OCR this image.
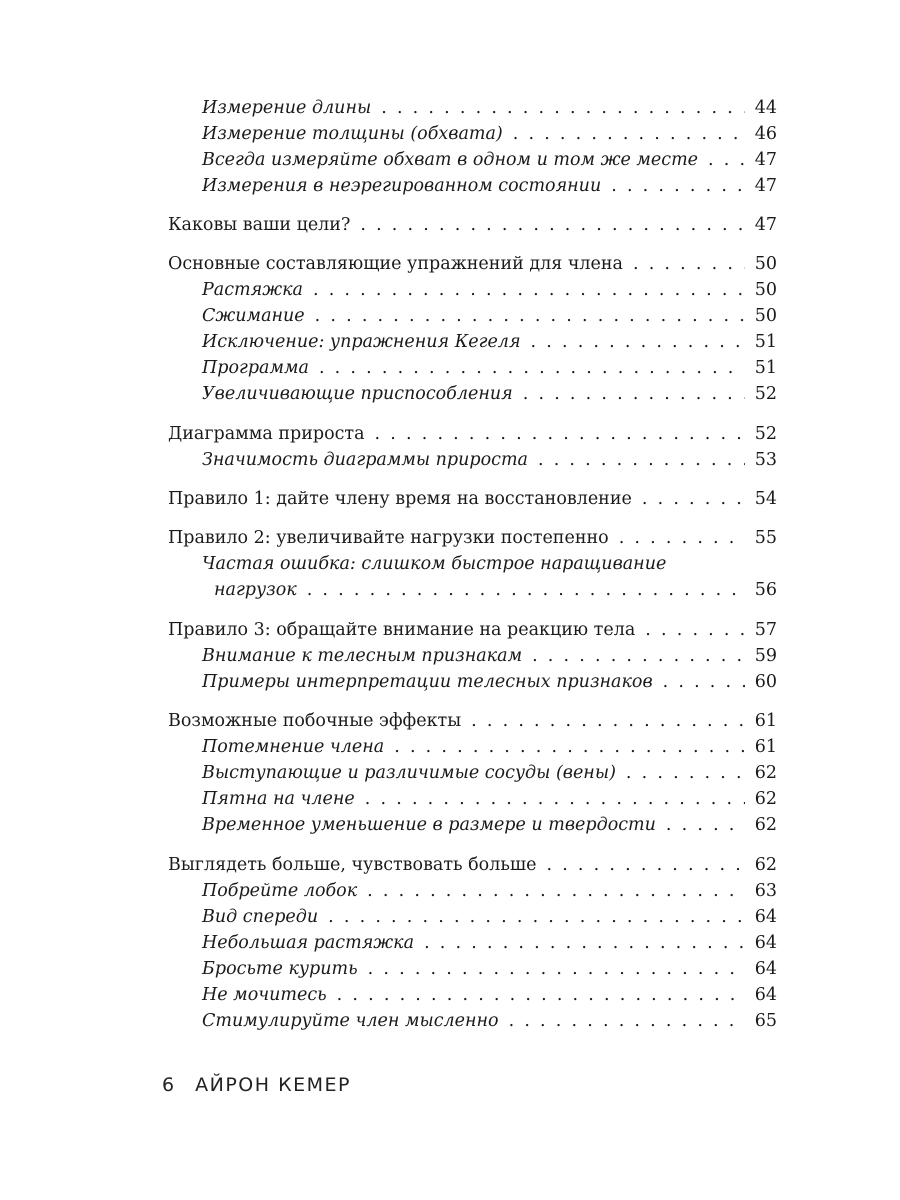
Измерение длины . . .	44
Измерение толщины (обхвата) . . .	46
Всегда измеряйте обхват в одном и том же месте . . .	47
Измерения в неэрегированном состоянии . . .	47
Каковы ваши цели? . . .	47
Основные составляющие упражнений для члена . . .	50
Растяжка . . .	50
Сжимание . . .	50
Исключение: упражнения Кегеля . . .	51
Программа . . .	51
Увеличивающие приспособления . . .	52
Диаграмма прироста . . .	52
Значимость диаграммы прироста . . .	53
Правило 1: дайте члену время на восстановление . . .	54
Правило 2: увеличивайте нагрузки постепенно . . .	55
Частая ошибка: слишком быстрое наращивание
нагрузок . . .	56
Правило 3: обращайте внимание на реакцию тела . . .	57
Внимание к телесным признакам . . .	59
Примеры интерпретации телесных признаков . . .	60
Возможные побочные эффекты . . .	61
Потемнение члена . . .	61
Выступающие и различимые сосуды (вены) . . .	62
Пятна на члене . . .	62
Временное уменьшение в размере и твердости . . .	62
Выглядеть больше, чувствовать больше . . .	62
Побрейте лобок . . .	63
Вид спереди . . .	64
Небольшая растяжка . . .	64
Бросьте курить . . .	64
Не мочитесь . . .	64
Стимулируйте член мысленно . . .	65
6 АЙРОН КЕМЕР
